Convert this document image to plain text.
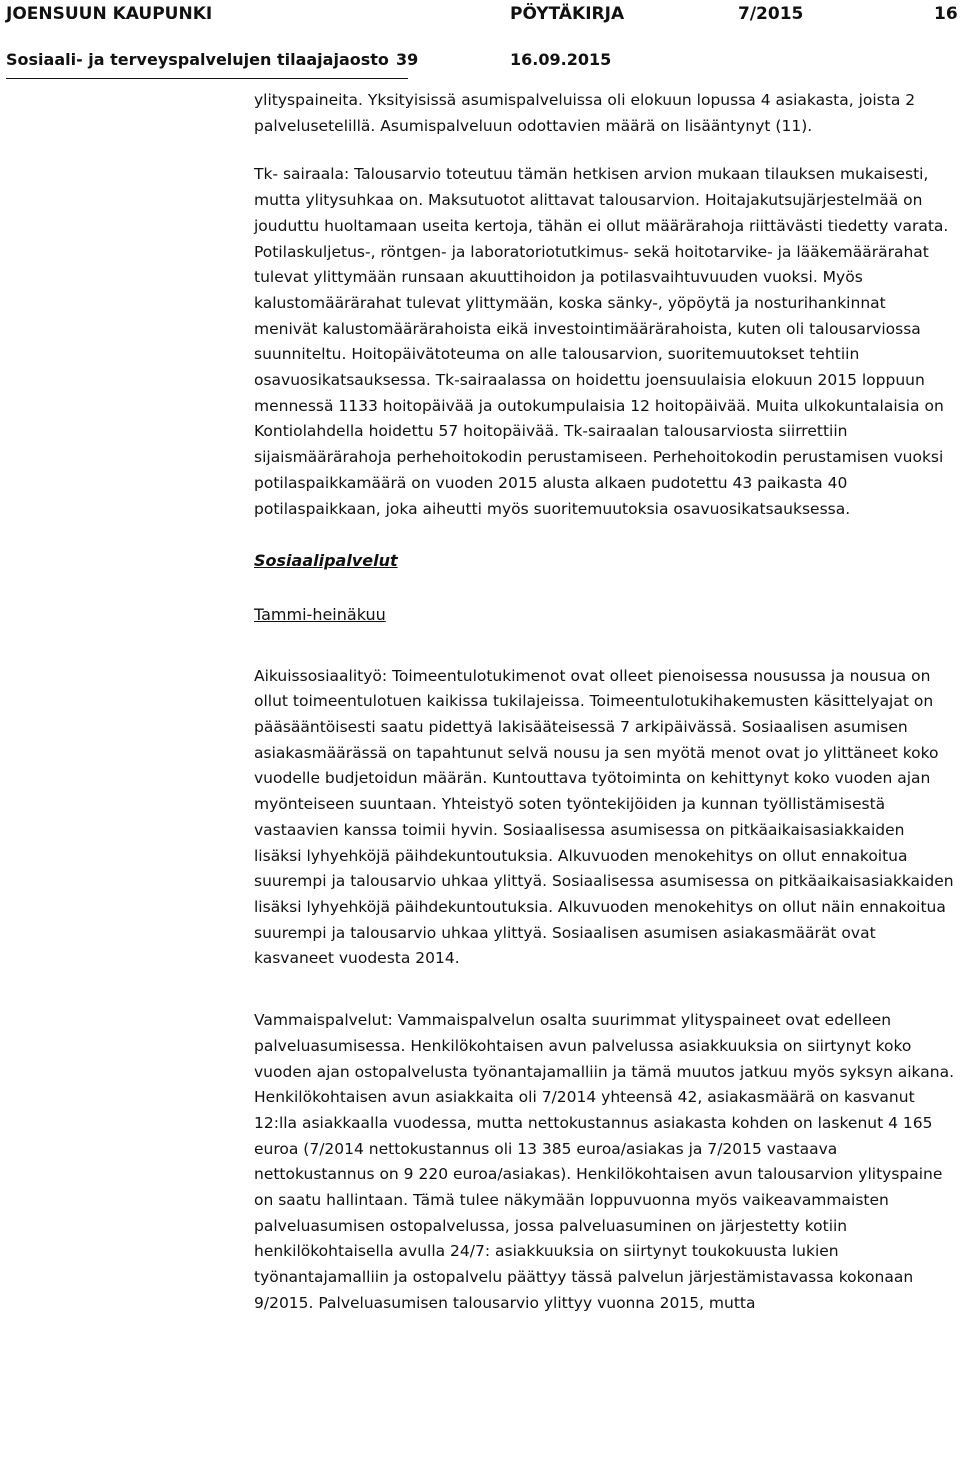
JOENSUUN KAUPUNKI	PÖYTÄKIRJA	7/2015	16
Sosiaali- ja terveyspalvelujen tilaajajaosto 39	16.09.2015

ylityspaineita. Yksityisissä asumispalveluissa oli elokuun lopussa 4 asiakasta, joista 2 palvelusetelillä. Asumispalveluun odottavien määrä on lisääntynyt (11).

Tk- sairaala: Talousarvio toteutuu tämän hetkisen arvion mukaan tilauksen mukaisesti, mutta ylitysuhkaa on. Maksutuotot alittavat talousarvion. Hoitajakutsujärjestelmää on jouduttu huoltamaan useita kertoja, tähän ei ollut määrärahoja riittävästi tiedetty varata. Potilaskuljetus-, röntgen- ja laboratoriotutkimus- sekä hoitotarvike- ja lääkemäärärahat tulevat ylittymään runsaan akuuttihoidon ja potilasvaihtuvuuden vuoksi. Myös kalustomäärärahat tulevat ylittymään, koska sänky-, yöpöytä ja nosturihankinnat menivät kalustomäärärahoista eikä investointimäärärahoista, kuten oli talousarviossa suunniteltu. Hoitopäivätoteuma on alle talousarvion, suoritemuutokset tehtiin osavuosikatsauksessa. Tk-sairaalassa on hoidettu joensuulaisia elokuun 2015 loppuun mennessä 1133 hoitopäivää ja outokumpulaisia 12 hoitopäivää. Muita ulkokuntalaisia on Kontiolahdella hoidettu 57 hoitopäivää. Tk-sairaalan talousarviosta siirrettiin sijaismäärärahoja perhehoitokodin perustamiseen. Perhehoitokodin perustamisen vuoksi potilaspaikkamäärä on vuoden 2015 alusta alkaen pudotettu 43 paikasta 40 potilaspaikkaan, joka aiheutti myös suoritemuutoksia osavuosikatsauksessa.

Sosiaalipalvelut

Tammi-heinäkuu

Aikuissosiaalityö: Toimeentulotukimenot ovat olleet pienoisessa nousussa ja nousua on ollut toimeentulotuen kaikissa tukilajeissa. Toimeentulotukihakemusten käsittelyajat on pääsääntöisesti saatu pidettyä lakisääteisessä 7 arkipäivässä. Sosiaalisen asumisen asiakasmäärässä on tapahtunut selvä nousu ja sen myötä menot ovat jo ylittäneet koko vuodelle budjetoidun määrän. Kuntouttava työtoiminta on kehittynyt koko vuoden ajan myönteiseen suuntaan. Yhteistyö soten työntekijöiden ja kunnan työllistämisestä vastaavien kanssa toimii hyvin. Sosiaalisessa asumisessa on pitkäaikaisasiakkaiden lisäksi lyhyehköjä päihdekuntoutuksia. Alkuvuoden menokehitys on ollut ennakoitua suurempi ja talousarvio uhkaa ylittyä. Sosiaalisessa asumisessa on pitkäaikaisasiakkaiden lisäksi lyhyehköjä päihdekuntoutuksia. Alkuvuoden menokehitys on ollut näin ennakoitua suurempi ja talousarvio uhkaa ylittyä. Sosiaalisen asumisen asiakasmäärät ovat kasvaneet vuodesta 2014.

Vammaispalvelut: Vammaispalvelun osalta suurimmat ylityspaineet ovat edelleen palveluasumisessa. Henkilökohtaisen avun palvelussa asiakkuuksia on siirtynyt koko vuoden ajan ostopalvelusta työnantajamalliin ja tämä muutos jatkuu myös syksyn aikana. Henkilökohtaisen avun asiakkaita oli 7/2014 yhteensä 42, asiakasmäärä on kasvanut 12:lla asiakkaalla vuodessa, mutta nettokustannus asiakasta kohden on laskenut 4 165 euroa (7/2014 nettokustannus oli 13 385 euroa/asiakas ja 7/2015 vastaava nettokustannus on 9 220 euroa/asiakas). Henkilökohtaisen avun talousarvion ylityspaine on saatu hallintaan. Tämä tulee näkymään loppuvuonna myös vaikeavammaisten palveluasumisen ostopalvelussa, jossa palveluasuminen on järjestetty kotiin henkilökohtaisella avulla 24/7: asiakkuuksia on siirtynyt toukokuusta lukien työnantajamalliin ja ostopalvelu päättyy tässä palvelun järjestämistavassa kokonaan 9/2015. Palveluasumisen talousarvio ylittyy vuonna 2015, mutta
